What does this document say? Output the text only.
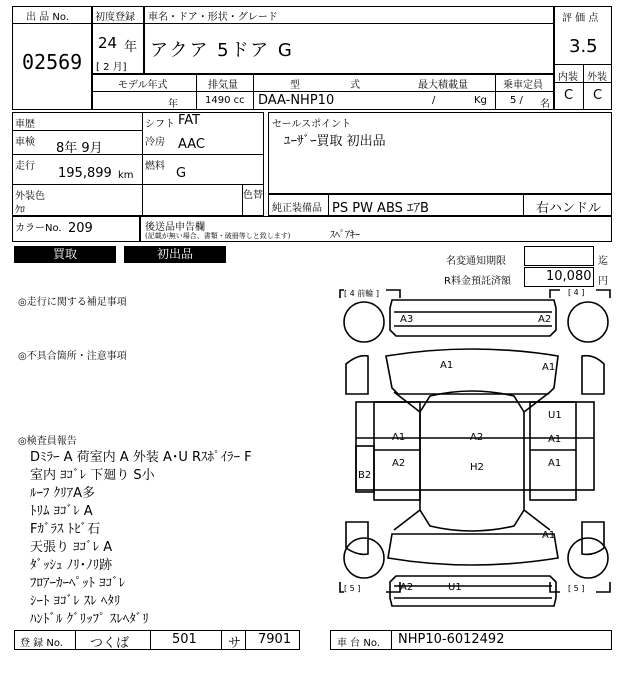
出 品 No.
02569
初度登録
24 年
[ 2 月]
車名・ドア・形状・グレード
アクア 5ドア G
評 価 点
3.5
内装 外装
C C
モデル年式
年
排気量
1490 cc
型	式
DAA-NHP10
最大積載量
/	Kg
乗車定員
5 / 名
車歴	シフト FAT
車検 8年 9月	冷房 AAC
走行 195,899 km
燃料 G
外装色
ｸﾛ
色替
セールスポイント
ﾕｰｻﾞｰ買取 初出品
純正装備品 PS PW ABS ｴｱB	右ハンドル
カラーNo. 209	後送品申告欄
(記載が無い場合、書類・破冊等しと致します)	ｽﾍﾟｱｷｰ
買取	初出品
名変通知期限	迄
R料金預託済額	10,080 円
◎走行に関する補足事項
◎不具合箇所・注意事項
◎検査員報告
Dﾐﾗｰ A 荷室内 A 外装 A･U Rｽﾎﾟｲﾗｰ F
室内 ﾖｺﾞﾚ 下廻り S小
ﾙｰﾌ ｸﾘｱA多
ﾄﾘﾑ ﾖｺﾞﾚ A
Fｶﾞﾗｽ ﾄﾋﾞ石
天張り ﾖｺﾞﾚ A
ﾀﾞｯｼｭ ﾉﾘ･ﾉﾘ跡
ﾌﾛｱｰｶｰﾍﾟｯﾄ ﾖｺﾞﾚ
ｼｰﾄ ﾖｺﾞﾚ ｽﾚ ﾍﾀﾘ
ﾊﾝﾄﾞﾙ ｸﾞﾘｯﾌﾟ ｽﾚﾍﾀﾞﾘ
[ 4 前輪 ]	[ 4 ]
[ 5 ]	[ 5 ]
A3	A2
A1	A1
U1
A1	A2	A1
A2	H2	A1
B2
A1
A2	U1
登 録 No. つくば	501 サ 7901	車 台 No. NHP10-6012492
